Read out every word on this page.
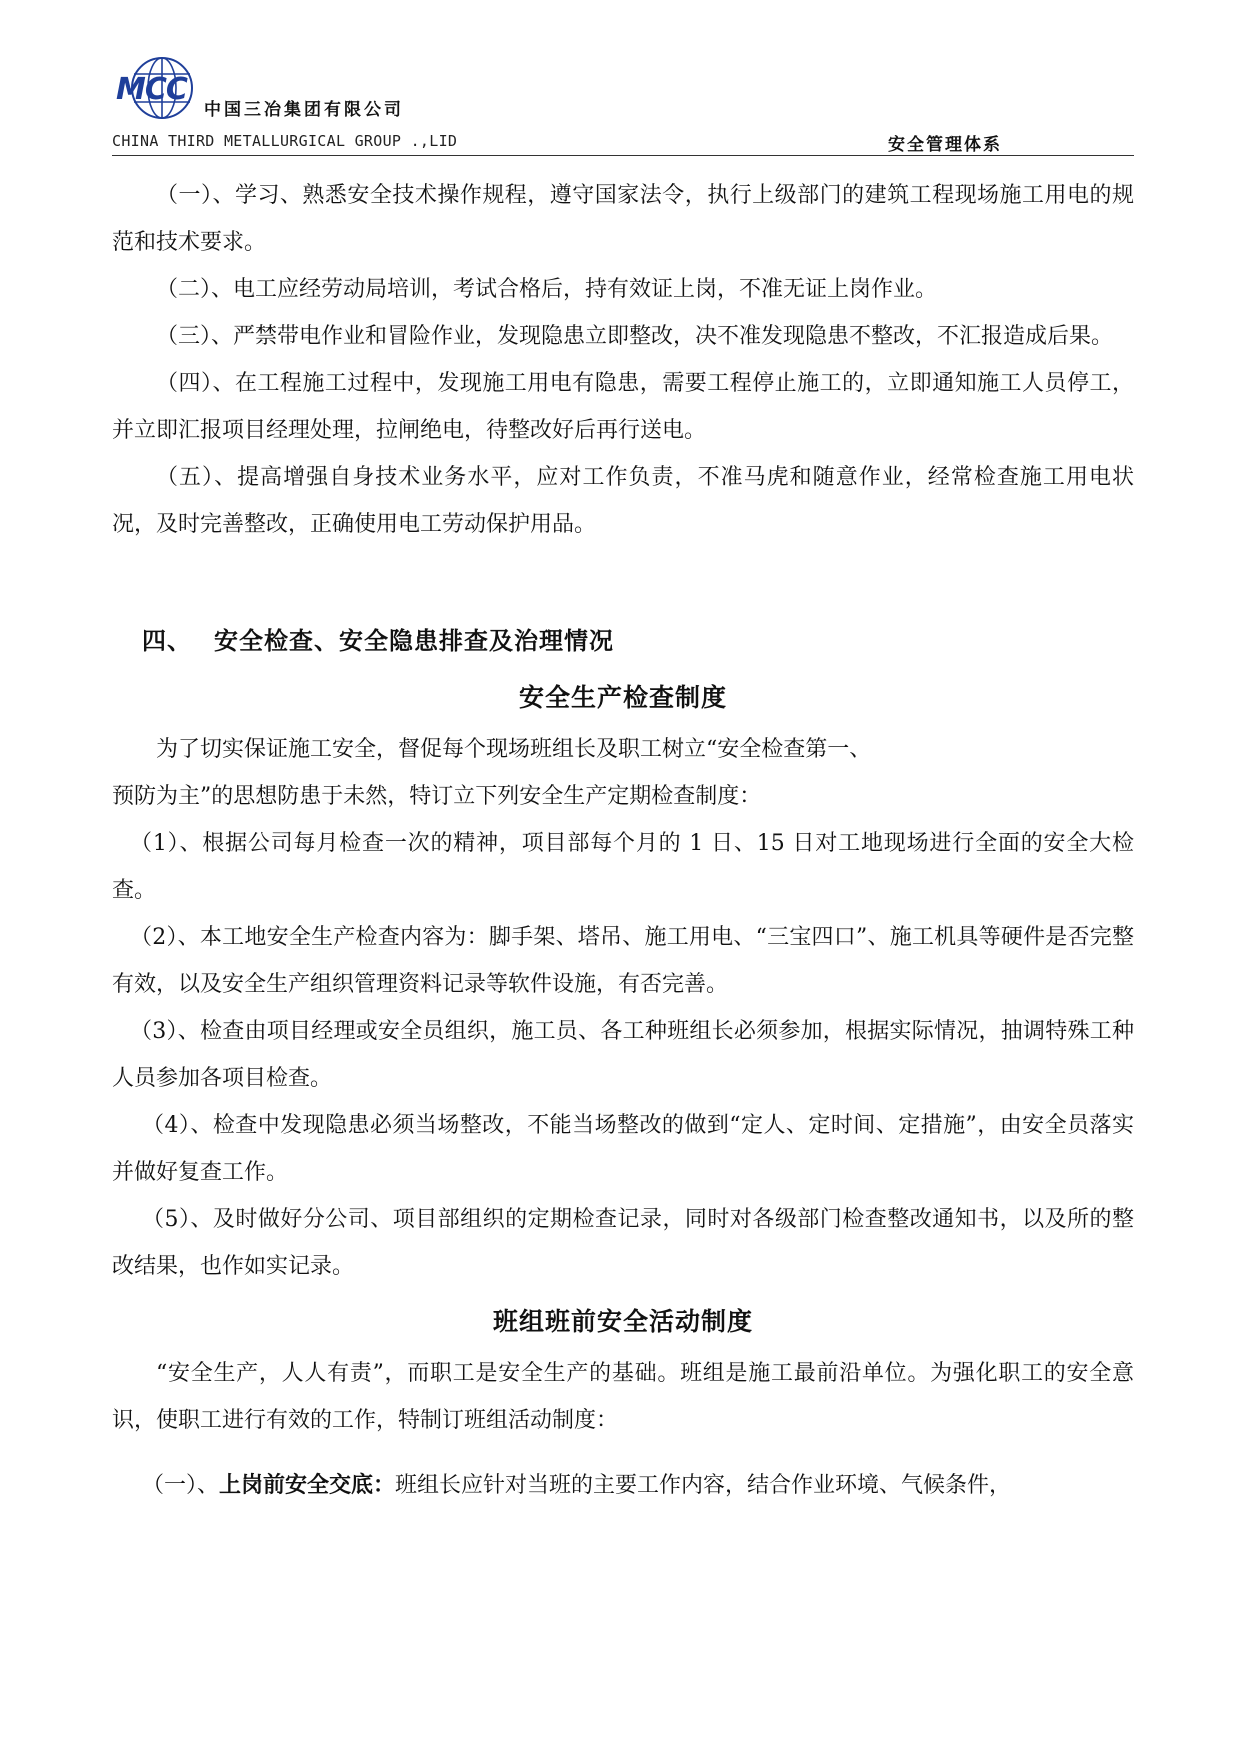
MCC
中国三冶集团有限公司
CHINA THIRD METALLURGICAL GROUP .,LID	安全管理体系

（一）、学习、熟悉安全技术操作规程，遵守国家法令，执行上级部门的建筑工程现场施工用电的规范和技术要求。

（二）、电工应经劳动局培训，考试合格后，持有效证上岗，不准无证上岗作业。

（三）、严禁带电作业和冒险作业，发现隐患立即整改，决不准发现隐患不整改，不汇报造成后果。

（四）、在工程施工过程中，发现施工用电有隐患，需要工程停止施工的，立即通知施工人员停工，并立即汇报项目经理处理，拉闸绝电，待整改好后再行送电。

（五）、提高增强自身技术业务水平，应对工作负责，不准马虎和随意作业，经常检查施工用电状况，及时完善整改，正确使用电工劳动保护用品。

四、 安全检查、安全隐患排查及治理情况
安全生产检查制度

为了切实保证施工安全，督促每个现场班组长及职工树立“安全检查第一、

预防为主”的思想防患于未然，特订立下列安全生产定期检查制度：

（1）、根据公司每月检查一次的精神，项目部每个月的 1 日、15 日对工地现场进行全面的安全大检查。

（2）、本工地安全生产检查内容为：脚手架、塔吊、施工用电、“三宝四口”、施工机具等硬件是否完整有效，以及安全生产组织管理资料记录等软件设施，有否完善。

（3）、检查由项目经理或安全员组织，施工员、各工种班组长必须参加，根据实际情况，抽调特殊工种人员参加各项目检查。

（4）、检查中发现隐患必须当场整改，不能当场整改的做到“定人、定时间、定措施”，由安全员落实并做好复查工作。

（5）、及时做好分公司、项目部组织的定期检查记录，同时对各级部门检查整改通知书，以及所的整改结果，也作如实记录。

班组班前安全活动制度

“安全生产，人人有责”，而职工是安全生产的基础。班组是施工最前沿单位。为强化职工的安全意识，使职工进行有效的工作，特制订班组活动制度：

（一）、上岗前安全交底：班组长应针对当班的主要工作内容，结合作业环境、气候条件，
